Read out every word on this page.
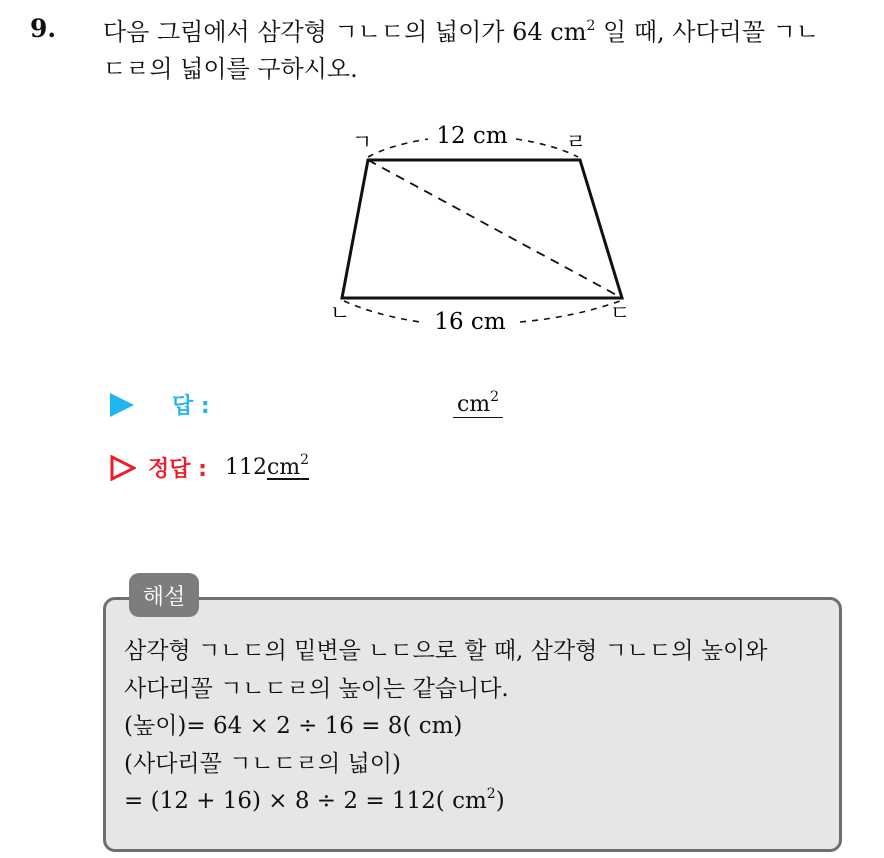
9. 다음 그림에서 삼각형 ㄱㄴㄷ의 넓이가 64 $cm^2$ 일 때, 사다리꼴 ㄱㄴ
ㄷㄹ의 넓이를 구하시오.
ㄱ	ㄹ
ㄴ	ㄷ
12 cm
16 cm
답 :	$cm^2$
정답 : 112 $cm^2$
해설
삼각형 ㄱㄴㄷ의 밑변을 ㄴㄷ으로 할 때, 삼각형 ㄱㄴㄷ의 높이와
사다리꼴 ㄱㄴㄷㄹ의 높이는 같습니다.
(높이)= 64 × 2 ÷ 16 = 8( cm)
(사다리꼴 ㄱㄴㄷㄹ의 넓이)
= (12 + 16) × 8 ÷ 2 = 112( $cm^2$)
